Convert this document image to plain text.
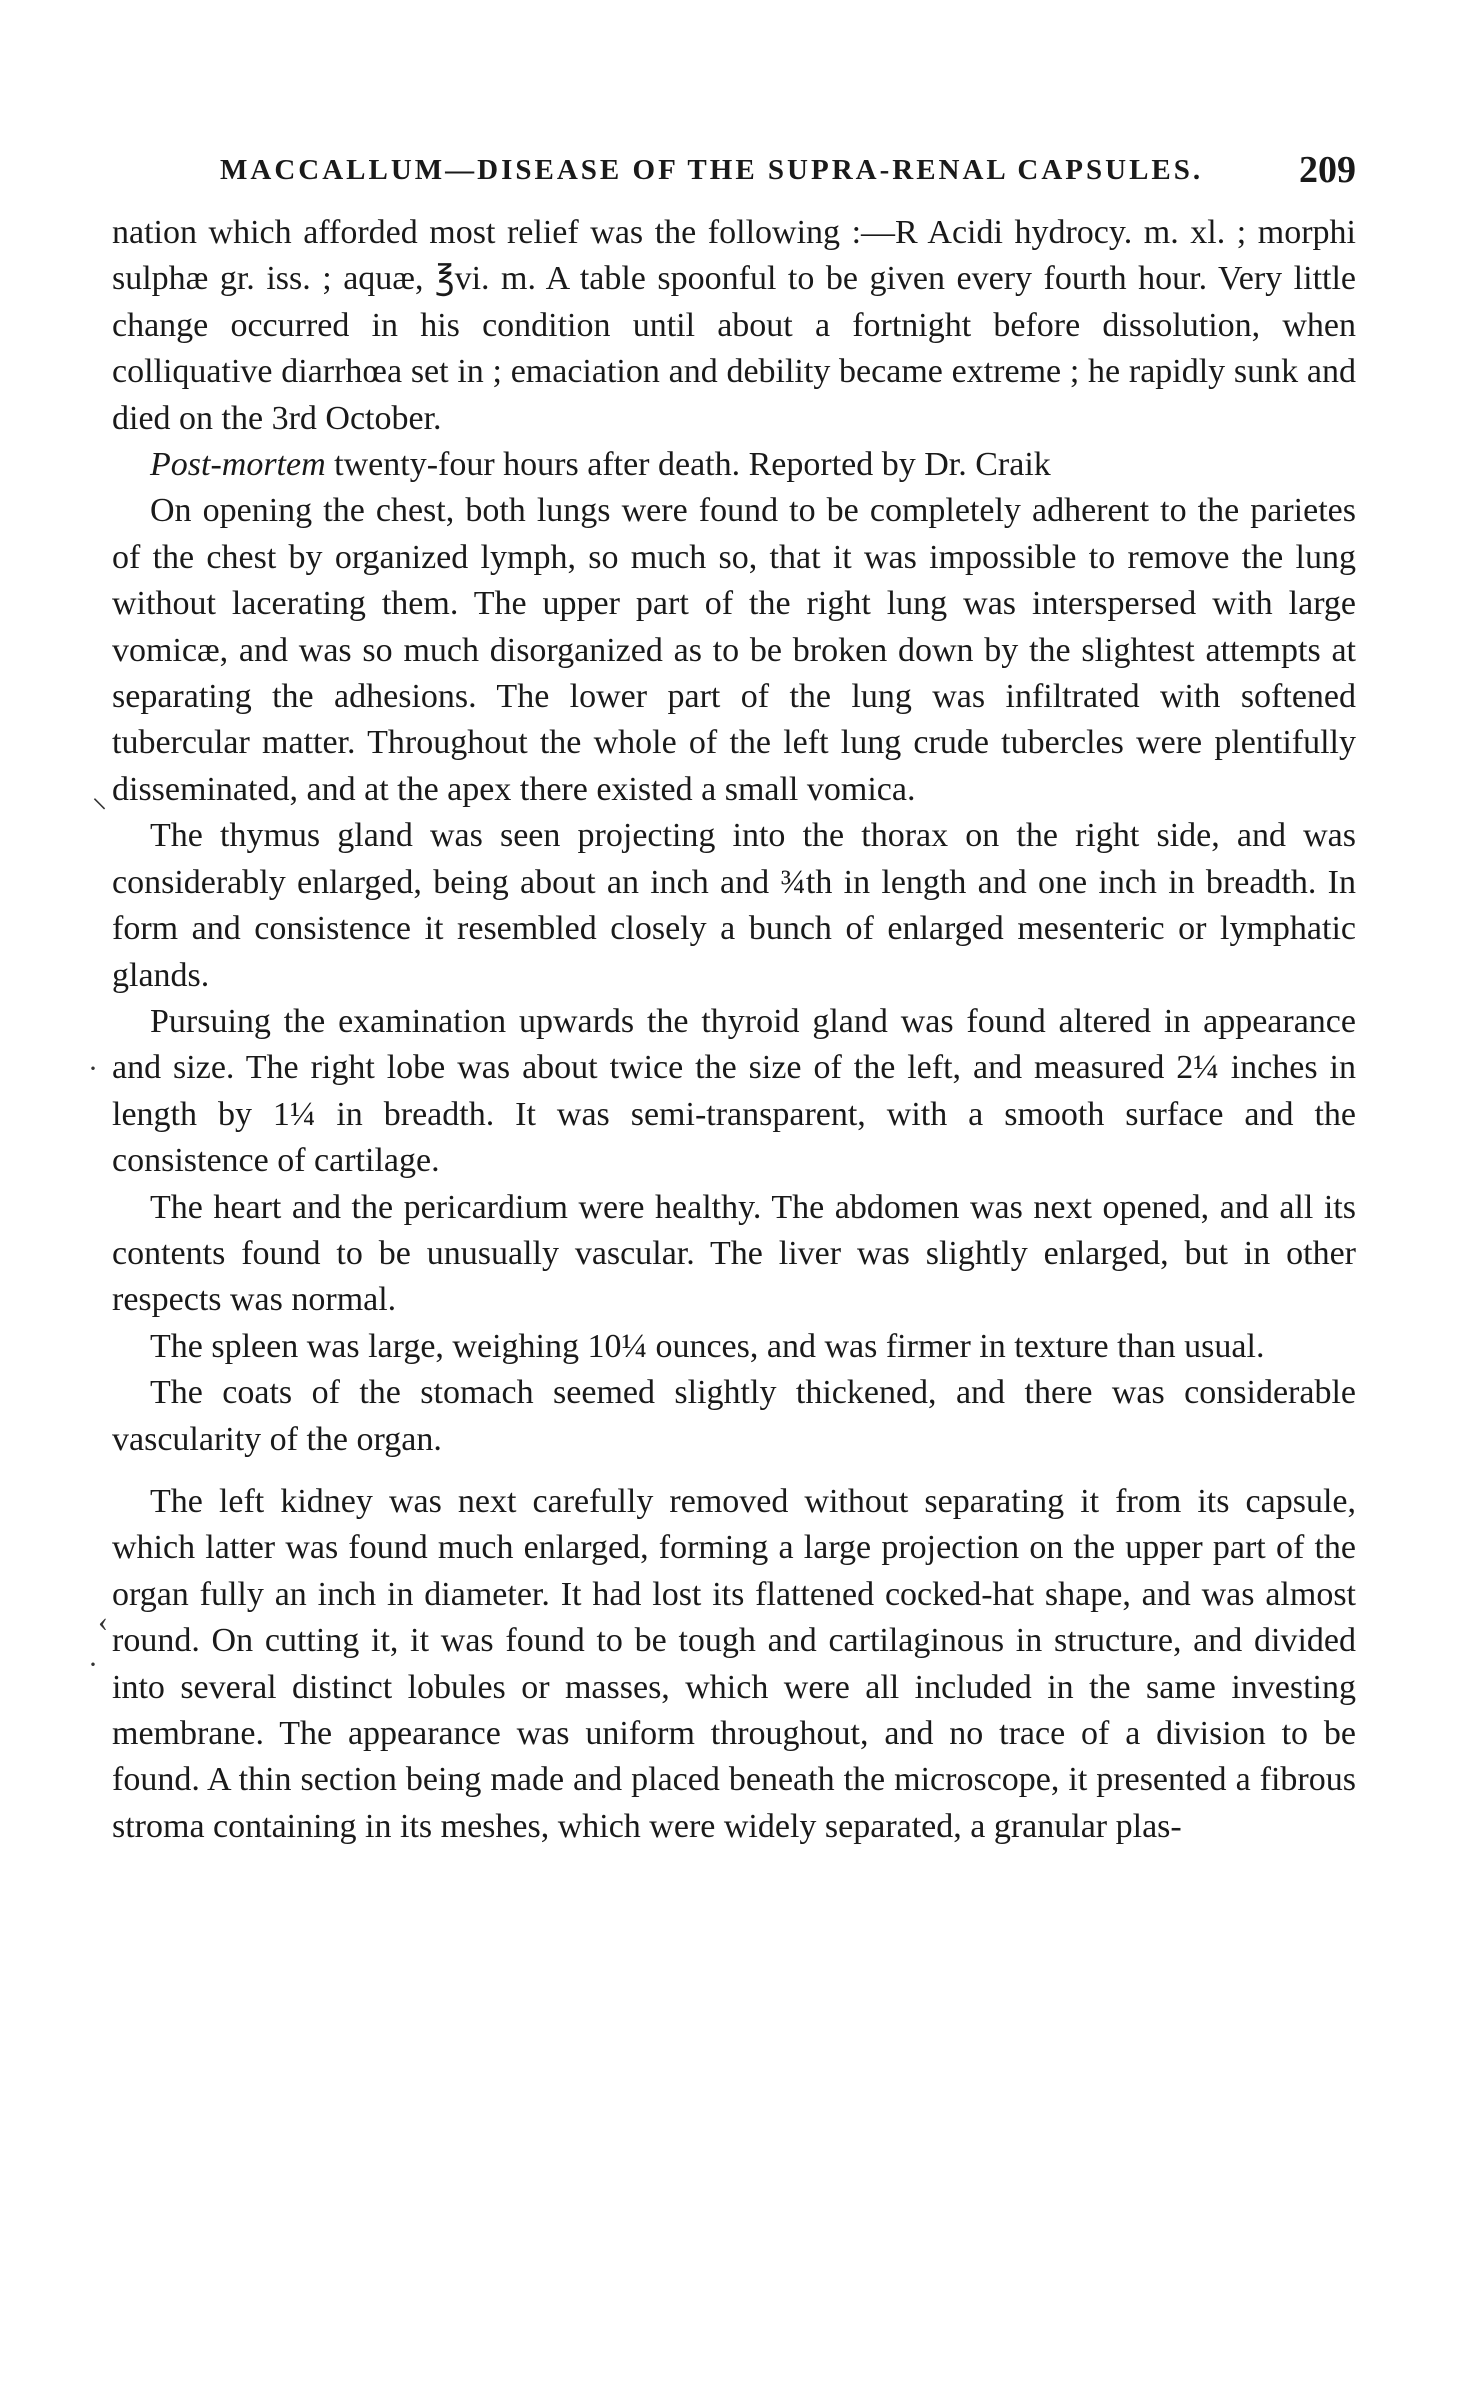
MACCALLUM—DISEASE OF THE SUPRA-RENAL CAPSULES.	209
⸜
·
‹
·

nation which afforded most relief was the following :—R Acidi hydrocy. m. xl. ; morphi sulphæ gr. iss. ; aquæ, ℥vi. m. A table spoonful to be given every fourth hour. Very little change occurred in his condition until about a fortnight before dissolution, when colliquative diarrhœa set in ; emaciation and debility became extreme ; he rapidly sunk and died on the 3rd October.

Post-mortem twenty-four hours after death. Reported by Dr. Craik

On opening the chest, both lungs were found to be completely adherent to the parietes of the chest by organized lymph, so much so, that it was impossible to remove the lung without lacerating them. The upper part of the right lung was interspersed with large vomicæ, and was so much disorganized as to be broken down by the slightest attempts at separating the adhesions. The lower part of the lung was infiltrated with softened tubercular matter. Throughout the whole of the left lung crude tubercles were plentifully disseminated, and at the apex there existed a small vomica.

The thymus gland was seen projecting into the thorax on the right side, and was considerably enlarged, being about an inch and ¾th in length and one inch in breadth. In form and consistence it resembled closely a bunch of enlarged mesenteric or lymphatic glands.

Pursuing the examination upwards the thyroid gland was found altered in appearance and size. The right lobe was about twice the size of the left, and measured 2¼ inches in length by 1¼ in breadth. It was semi-transparent, with a smooth surface and the consistence of cartilage.

The heart and the pericardium were healthy. The abdomen was next opened, and all its contents found to be unusually vascular. The liver was slightly enlarged, but in other respects was normal.

The spleen was large, weighing 10¼ ounces, and was firmer in texture than usual.

The coats of the stomach seemed slightly thickened, and there was considerable vascularity of the organ.

The left kidney was next carefully removed without separating it from its capsule, which latter was found much enlarged, forming a large projection on the upper part of the organ fully an inch in diameter. It had lost its flattened cocked-hat shape, and was almost round. On cutting it, it was found to be tough and cartilaginous in structure, and divided into several distinct lobules or masses, which were all included in the same investing membrane. The appearance was uniform throughout, and no trace of a division to be found. A thin section being made and placed beneath the microscope, it presented a fibrous stroma containing in its meshes, which were widely separated, a granular plas-
